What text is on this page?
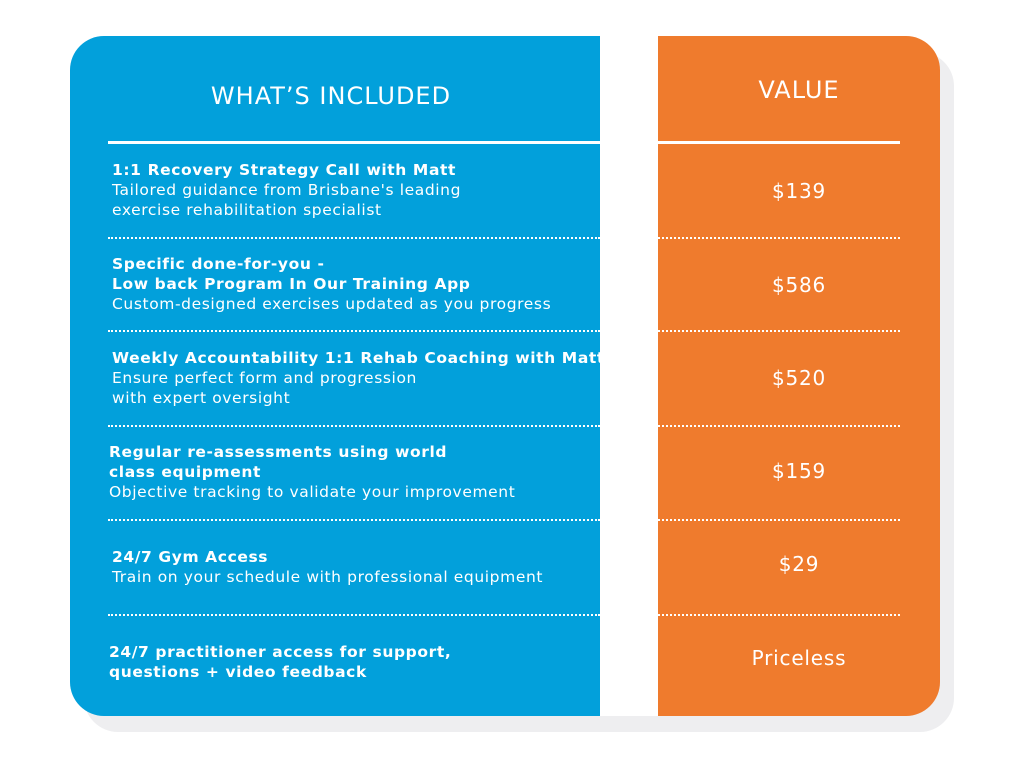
WHAT’S INCLUDED	VALUE
1:1 Recovery Strategy Call with Matt
Tailored guidance from Brisbane's leading
exercise rehabilitation specialist
$139
Specific done-for-you -
Low back Program In Our Training App
Custom-designed exercises updated as you progress
$586
Weekly Accountability 1:1 Rehab Coaching with Matt
Ensure perfect form and progression
with expert oversight
$520
Regular re-assessments using world
class equipment
Objective tracking to validate your improvement
$159
24/7 Gym Access
Train on your schedule with professional equipment
$29
24/7 practitioner access for support,
questions + video feedback
Priceless
